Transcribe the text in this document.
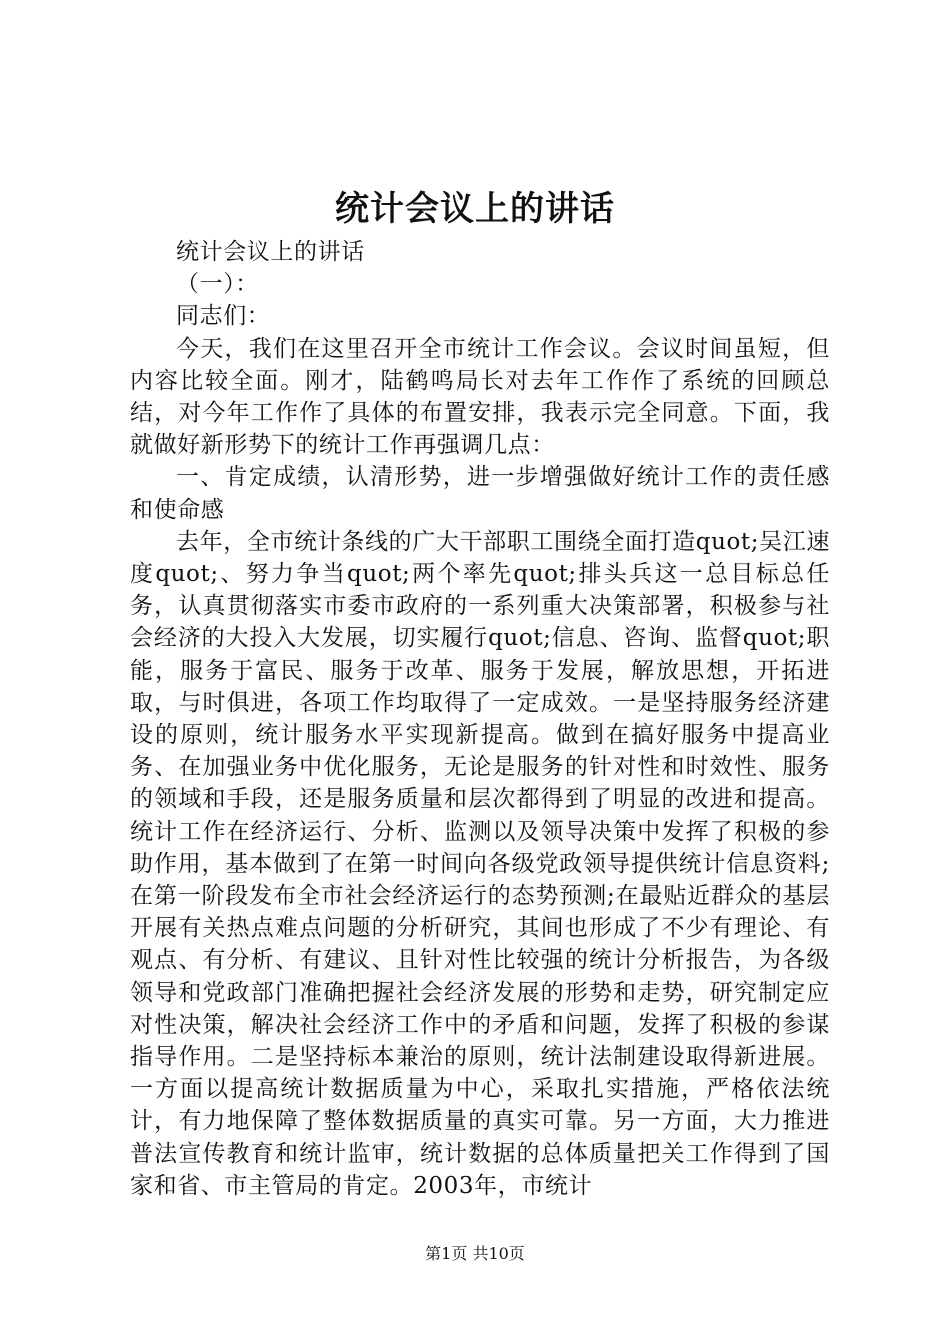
统计会议上的讲话

统计会议上的讲话

（一）：

同志们：

今天，我们在这里召开全市统计工作会议。会议时间虽短，但内容比较全面。刚才，陆鹤鸣局长对去年工作作了系统的回顾总结，对今年工作作了具体的布置安排，我表示完全同意。下面，我就做好新形势下的统计工作再强调几点：

一、肯定成绩，认清形势，进一步增强做好统计工作的责任感和使命感

去年，全市统计条线的广大干部职工围绕全面打造quot;吴江速度quot;、努力争当quot;两个率先quot;排头兵这一总目标总任务，认真贯彻落实市委市政府的一系列重大决策部署，积极参与社会经济的大投入大发展，切实履行quot;信息、咨询、监督quot;职能，服务于富民、服务于改革、服务于发展，解放思想，开拓进取，与时俱进，各项工作均取得了一定成效。一是坚持服务经济建设的原则，统计服务水平实现新提高。做到在搞好服务中提高业务、在加强业务中优化服务，无论是服务的针对性和时效性、服务的领域和手段，还是服务质量和层次都得到了明显的改进和提高。统计工作在经济运行、分析、监测以及领导决策中发挥了积极的参助作用，基本做到了在第一时间向各级党政领导提供统计信息资料;在第一阶段发布全市社会经济运行的态势预测;在最贴近群众的基层开展有关热点难点问题的分析研究，其间也形成了不少有理论、有观点、有分析、有建议、且针对性比较强的统计分析报告，为各级领导和党政部门准确把握社会经济发展的形势和走势，研究制定应对性决策，解决社会经济工作中的矛盾和问题，发挥了积极的参谋指导作用。二是坚持标本兼治的原则，统计法制建设取得新进展。一方面以提高统计数据质量为中心，采取扎实措施，严格依法统计，有力地保障了整体数据质量的真实可靠。另一方面，大力推进普法宣传教育和统计监审，统计数据的总体质量把关工作得到了国家和省、市主管局的肯定。2003年，市统计

第1页 共10页
